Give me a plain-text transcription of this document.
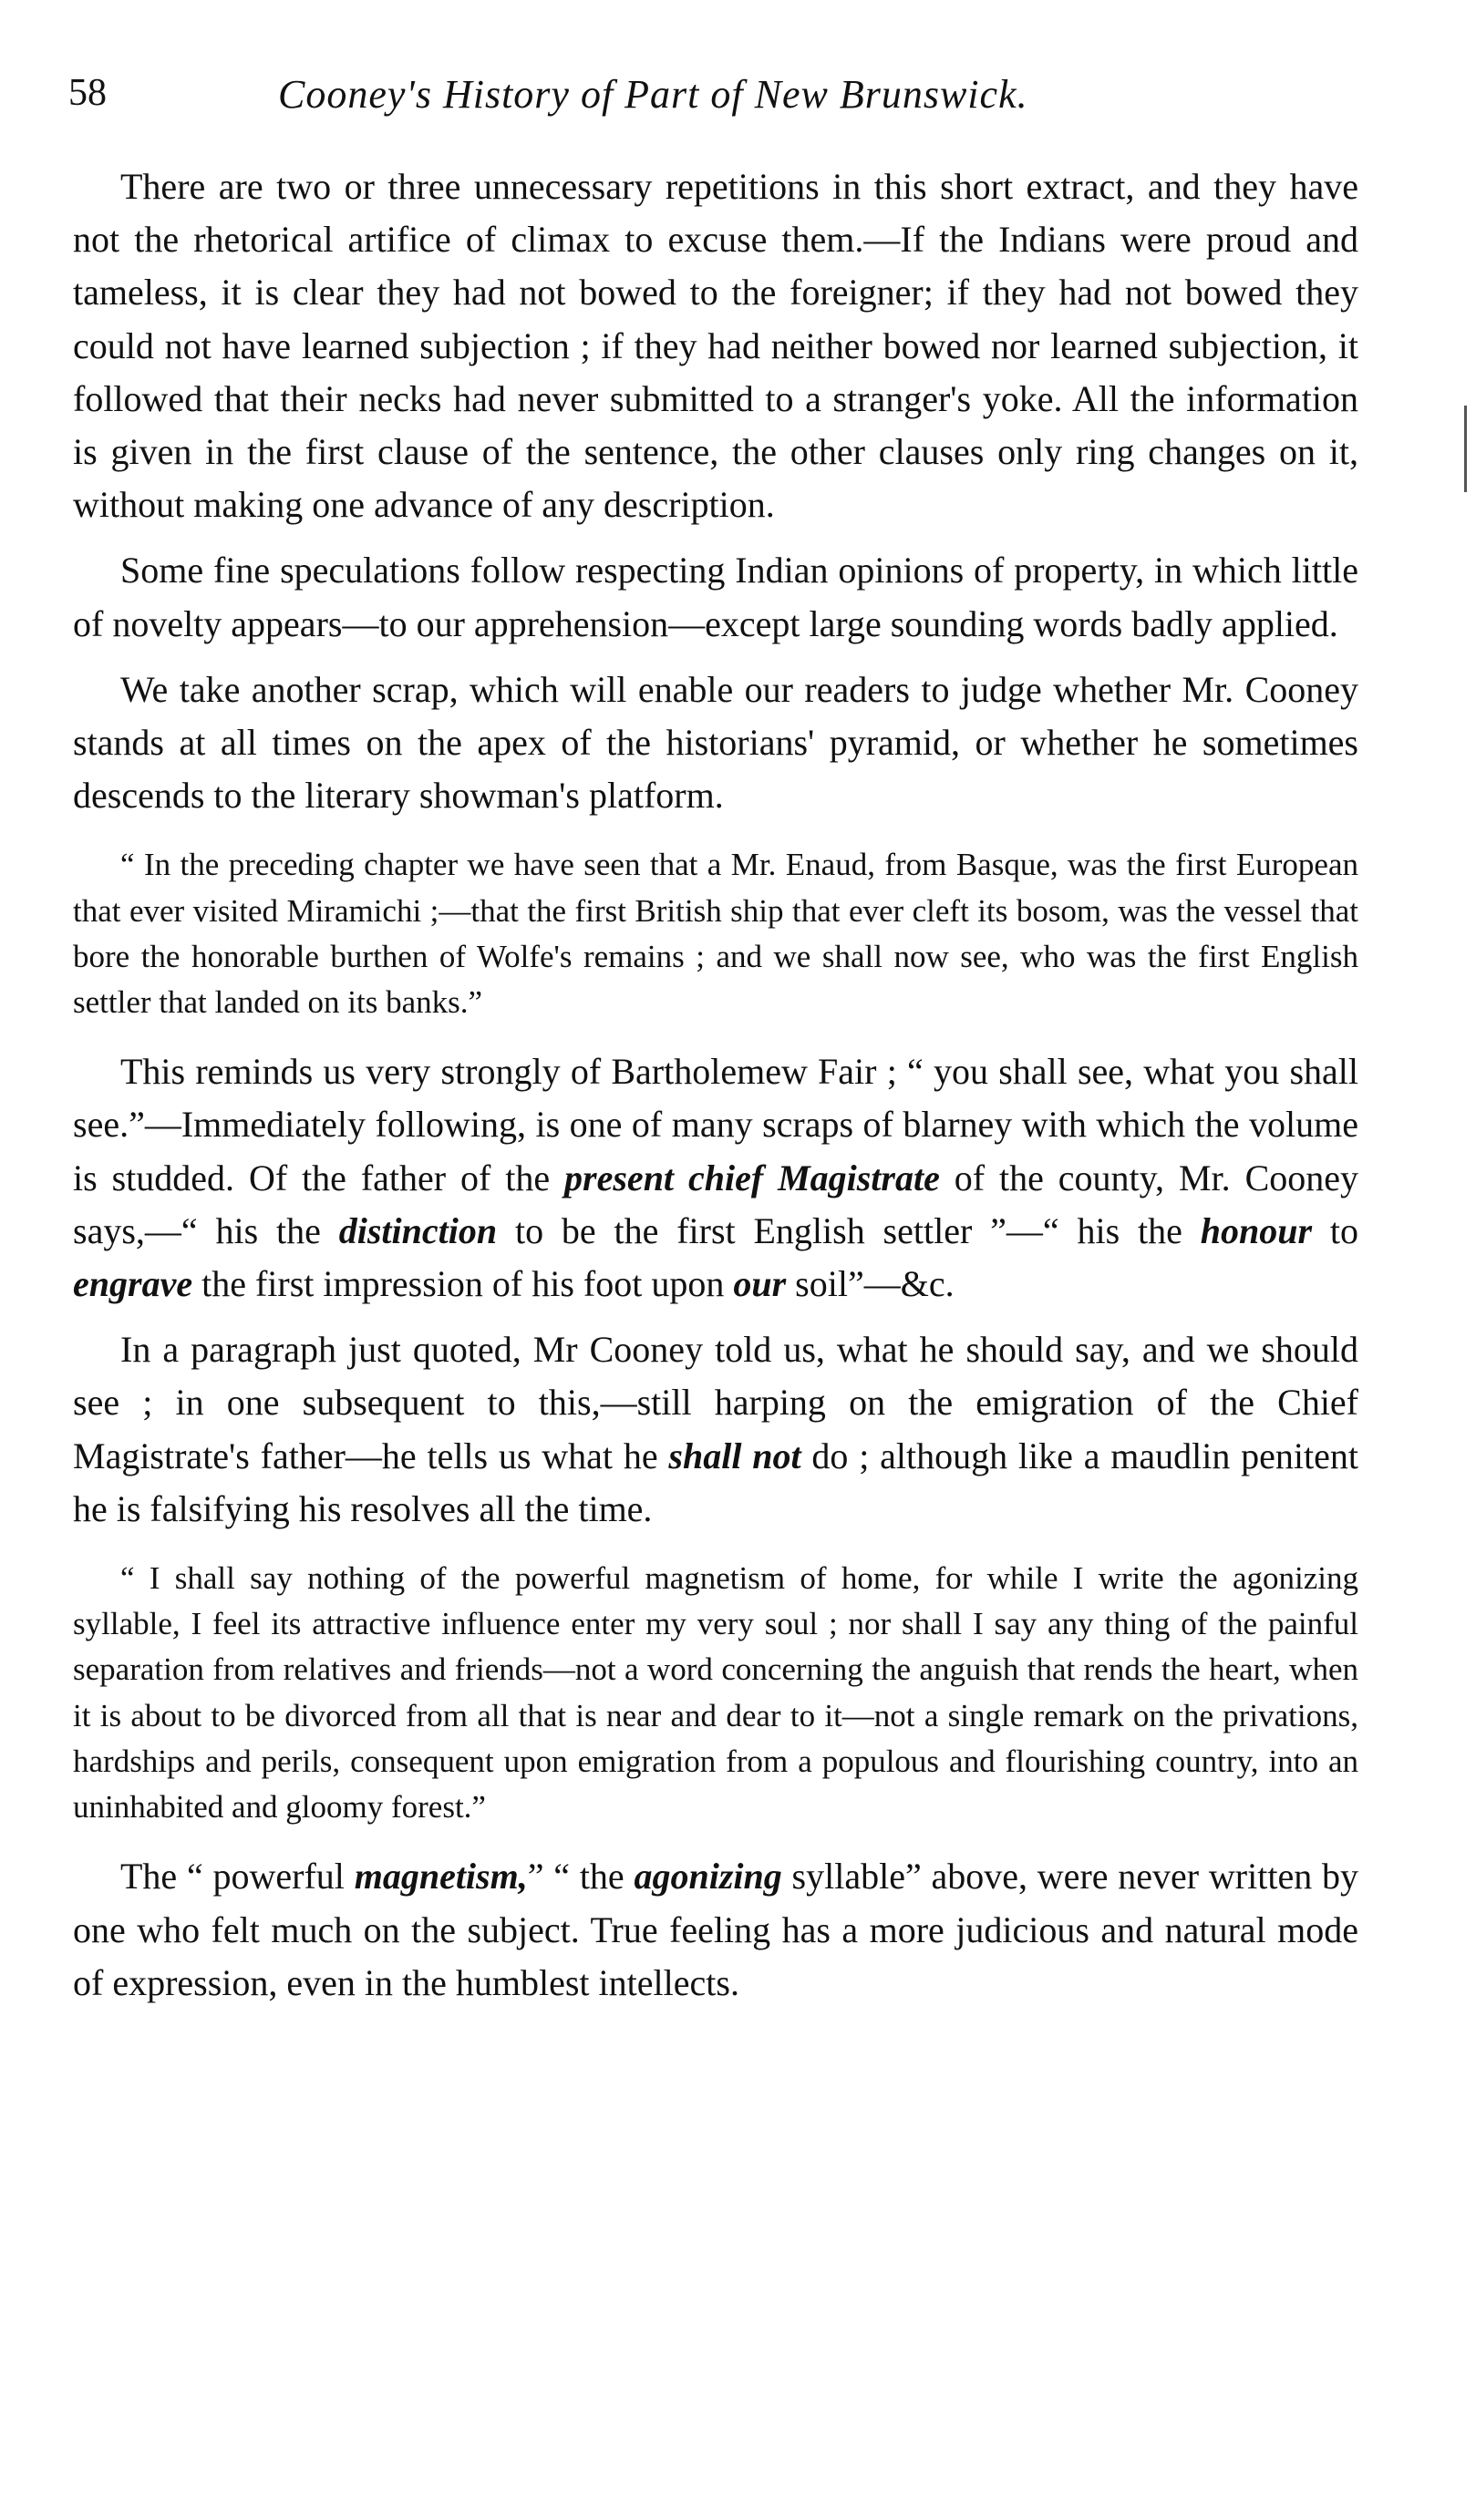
58	Cooney's History of Part of New Brunswick.

There are two or three unnecessary repetitions in this short extract, and they have not the rhetorical artifice of climax to excuse them.—If the Indians were proud and tameless, it is clear they had not bowed to the foreigner; if they had not bowed they could not have learned subjection ; if they had neither bowed nor learned subjection, it followed that their necks had never submitted to a stranger's yoke. All the information is given in the first clause of the sentence, the other clauses only ring changes on it, without making one advance of any description.

Some fine speculations follow respecting Indian opinions of property, in which little of novelty appears—to our apprehension—except large sounding words badly applied.

We take another scrap, which will enable our readers to judge whether Mr. Cooney stands at all times on the apex of the historians' pyramid, or whether he sometimes descends to the literary showman's platform.

“ In the preceding chapter we have seen that a Mr. Enaud, from Basque, was the first European that ever visited Miramichi ;—that the first British ship that ever cleft its bosom, was the vessel that bore the honorable burthen of Wolfe's remains ; and we shall now see, who was the first English settler that landed on its banks.”

This reminds us very strongly of Bartholemew Fair ; “ you shall see, what you shall see.”—Immediately following, is one of many scraps of blarney with which the volume is studded. Of the father of the present chief Magistrate of the county, Mr. Cooney says,—“ his the distinction to be the first English settler ”—“ his the honour to engrave the first impression of his foot upon our soil”—&c.

In a paragraph just quoted, Mr Cooney told us, what he should say, and we should see ; in one subsequent to this,—still harping on the emigration of the Chief Magistrate's father—he tells us what he shall not do ; although like a maudlin penitent he is falsifying his resolves all the time.

“ I shall say nothing of the powerful magnetism of home, for while I write the agonizing syllable, I feel its attractive influence enter my very soul ; nor shall I say any thing of the painful separation from relatives and friends—not a word concerning the anguish that rends the heart, when it is about to be divorced from all that is near and dear to it—not a single remark on the privations, hardships and perils, consequent upon emigration from a populous and flourishing country, into an uninhabited and gloomy forest.”

The “ powerful magnetism,” “ the agonizing syllable” above, were never written by one who felt much on the subject. True feeling has a more judicious and natural mode of expression, even in the humblest intellects.
